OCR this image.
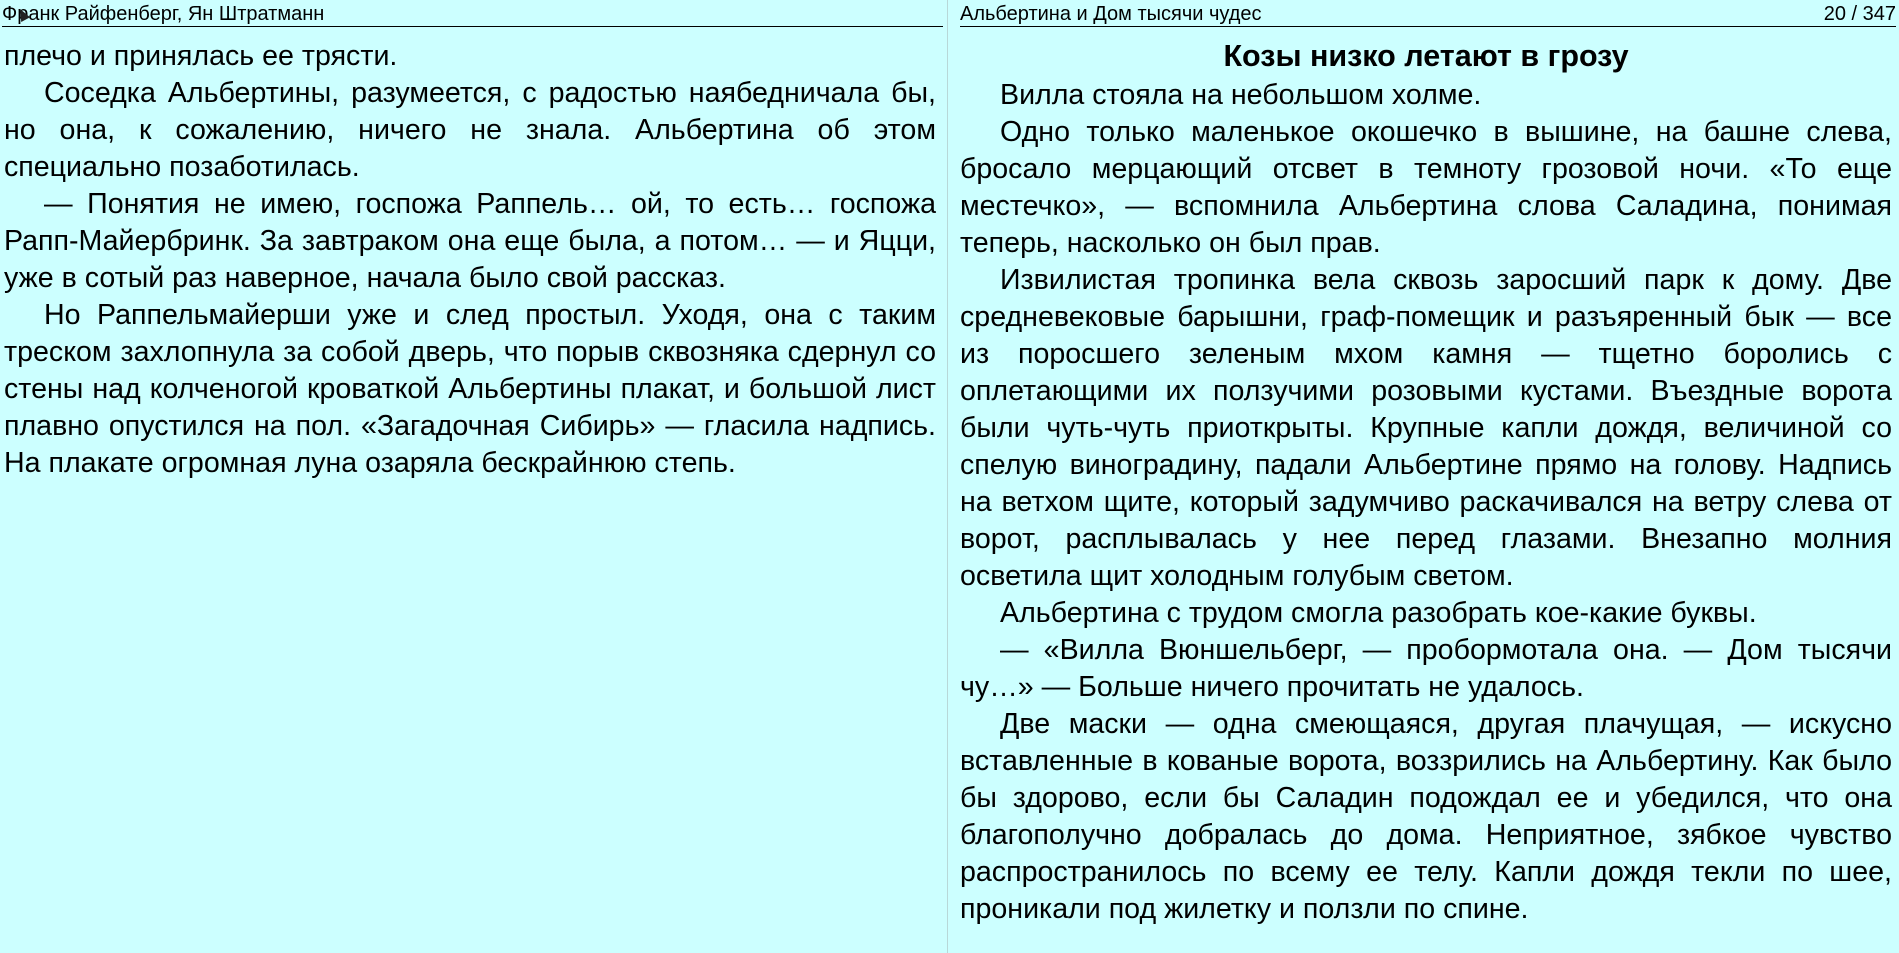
Франк Райфенберг, Ян Штратманн

плечо и принялась ее трясти.

Соседка Альбертины, разумеется, с радостью наябедничала бы, но она, к сожалению, ничего не знала. Альбертина об этом специально позаботилась.

— Понятия не имею, госпожа Раппель… ой, то есть… госпожа Рапп-Майербринк. За завтраком она еще была, а потом… — и Яцци, уже в сотый раз наверное, начала было свой рассказ.

Но Раппельмайерши уже и след простыл. Уходя, она с таким треском захлопнула за собой дверь, что порыв сквозняка сдернул со стены над колченогой кроваткой Альбертины плакат, и большой лист плавно опустился на пол. «Загадочная Сибирь» — гласила надпись. На плакате огромная луна озаряла бескрайнюю степь.

Альбертина и Дом тысячи чудес	20 / 347
Козы низко летают в грозу

Вилла стояла на небольшом холме.

Одно только маленькое окошечко в вышине, на башне слева, бросало мерцающий отсвет в темноту грозовой ночи. «То еще местечко», — вспомнила Альбертина слова Саладина, понимая теперь, насколько он был прав.

Извилистая тропинка вела сквозь заросший парк к дому. Две средневековые барышни, граф-помещик и разъяренный бык — все из поросшего зеленым мхом камня — тщетно боролись с оплетающими их ползучими розовыми кустами. Въездные ворота были чуть-чуть приоткрыты. Крупные капли дождя, величиной со спелую виноградину, падали Альбертине прямо на голову. Надпись на ветхом щите, который задумчиво раскачивался на ветру слева от ворот, расплывалась у нее перед глазами. Внезапно молния осветила щит холодным голубым светом.

Альбертина с трудом смогла разобрать кое-какие буквы.

— «Вилла Вюншельберг, — пробормотала она. — Дом тысячи чу…» — Больше ничего прочитать не удалось.

Две маски — одна смеющаяся, другая плачущая, — искусно вставленные в кованые ворота, воззрились на Альбертину. Как было бы здорово, если бы Саладин подождал ее и убедился, что она благополучно добралась до дома. Неприятное, зябкое чувство распространилось по всему ее телу. Капли дождя текли по шее, проникали под жилетку и ползли по спине.
